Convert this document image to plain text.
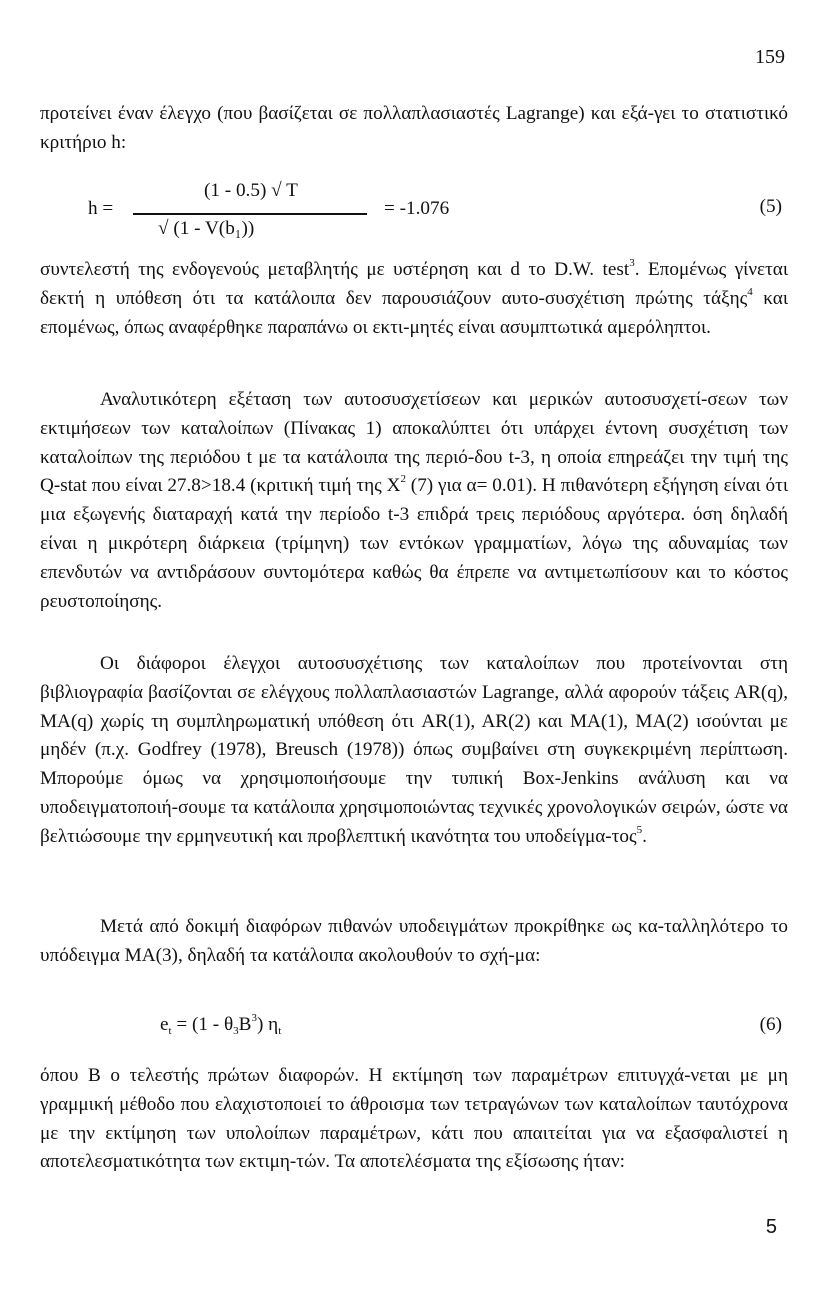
159

προτείνει έναν έλεγχο (που βασίζεται σε πολλαπλασιαστές Lagrange) και εξά-γει το στατιστικό κριτήριο h:

h =
(1 - 0.5) √ T
√ (1 - V(b₁))
= -1.076	(5)

συντελεστή της ενδογενούς μεταβλητής με υστέρηση και d το D.W. test$^3$. Επομένως γίνεται δεκτή η υπόθεση ότι τα κατάλοιπα δεν παρουσιάζουν αυτο-συσχέτιση πρώτης τάξης$^4$ και επομένως, όπως αναφέρθηκε παραπάνω οι εκτι-μητές είναι ασυμπτωτικά αμερόληπτοι.

Αναλυτικότερη εξέταση των αυτοσυσχετίσεων και μερικών αυτοσυσχετί-σεων των εκτιμήσεων των καταλοίπων (Πίνακας 1) αποκαλύπτει ότι υπάρχει έντονη συσχέτιση των καταλοίπων της περιόδου t με τα κατάλοιπα της περιό-δου t-3, η οποία επηρεάζει την τιμή της Q-stat που είναι 27.8>18.4 (κριτική τιμή της $X^2$ (7) για α= 0.01). Η πιθανότερη εξήγηση είναι ότι μια εξωγενής διαταραχή κατά την περίοδο t-3 επιδρά τρεις περιόδους αργότερα. όση δηλαδή είναι η μικρότερη διάρκεια (τρίμηνη) των εντόκων γραμματίων, λόγω της αδυναμίας των επενδυτών να αντιδράσουν συντομότερα καθώς θα έπρεπε να αντιμετωπίσουν και το κόστος ρευστοποίησης.

Οι διάφοροι έλεγχοι αυτοσυσχέτισης των καταλοίπων που προτείνονται στη βιβλιογραφία βασίζονται σε ελέγχους πολλαπλασιαστών Lagrange, αλλά αφορούν τάξεις AR(q), MA(q) χωρίς τη συμπληρωματική υπόθεση ότι AR(1), AR(2) και MA(1), MA(2) ισούνται με μηδέν (π.χ. Godfrey (1978), Breusch (1978)) όπως συμβαίνει στη συγκεκριμένη περίπτωση. Μπορούμε όμως να χρησιμοποιήσουμε την τυπική Box-Jenkins ανάλυση και να υποδειγματοποιή-σουμε τα κατάλοιπα χρησιμοποιώντας τεχνικές χρονολογικών σειρών, ώστε να βελτιώσουμε την ερμηνευτική και προβλεπτική ικανότητα του υποδείγμα-τος$^5$.

Μετά από δοκιμή διαφόρων πιθανών υποδειγμάτων προκρίθηκε ως κα-ταλληλότερο το υπόδειγμα MA(3), δηλαδή τα κατάλοιπα ακολουθούν το σχή-μα:

$e_t = (1 - \theta_3B^3)$ $\eta_t$	(6)

όπου B ο τελεστής πρώτων διαφορών. Η εκτίμηση των παραμέτρων επιτυγχά-νεται με μη γραμμική μέθοδο που ελαχιστοποιεί το άθροισμα των τετραγώνων των καταλοίπων ταυτόχρονα με την εκτίμηση των υπολοίπων παραμέτρων, κάτι που απαιτείται για να εξασφαλιστεί η αποτελεσματικότητα των εκτιμη-τών. Τα αποτελέσματα της εξίσωσης ήταν:

5
